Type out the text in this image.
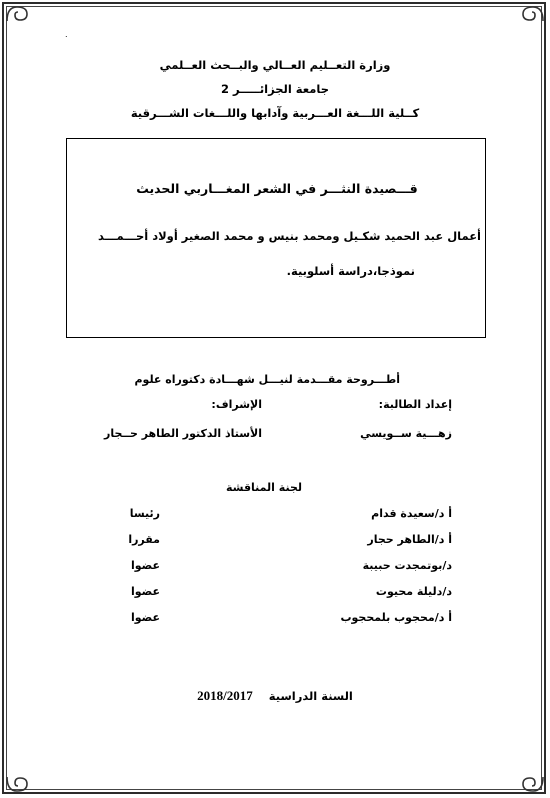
.
وزارة التعــليم العــالي والبــحث العــلمي
جامعة الجزائـــــر 2
كــلية اللـــغة العـــربية وآدابها واللـــغات الشـــرقية
قـــصيدة النثـــر في الشعر المغـــاربي الحديث
أعمال عبد الحميد شكـيل ومحمد بنيس و محمد الصغير أولاد أحـــمـــد
نموذجا،دراسة أسلوبية.
أطـــروحة مقـــدمة لنيـــل شهـــادة دكتوراه علوم
إعداد الطالبة:
الإشراف:
زهـــية ســويسي
الأستاذ الدكتور الطاهر حــجار
لجنة المناقشة
أ د/سعيدة قدام
رئيسا
أ د/الطاهر حجار
مقررا
د/بوتمجدت حبيبة
عضوا
د/دليلة محيوت
عضوا
أ د/محجوب بلمحجوب
عضوا
السنة الدراسية    2018/2017
